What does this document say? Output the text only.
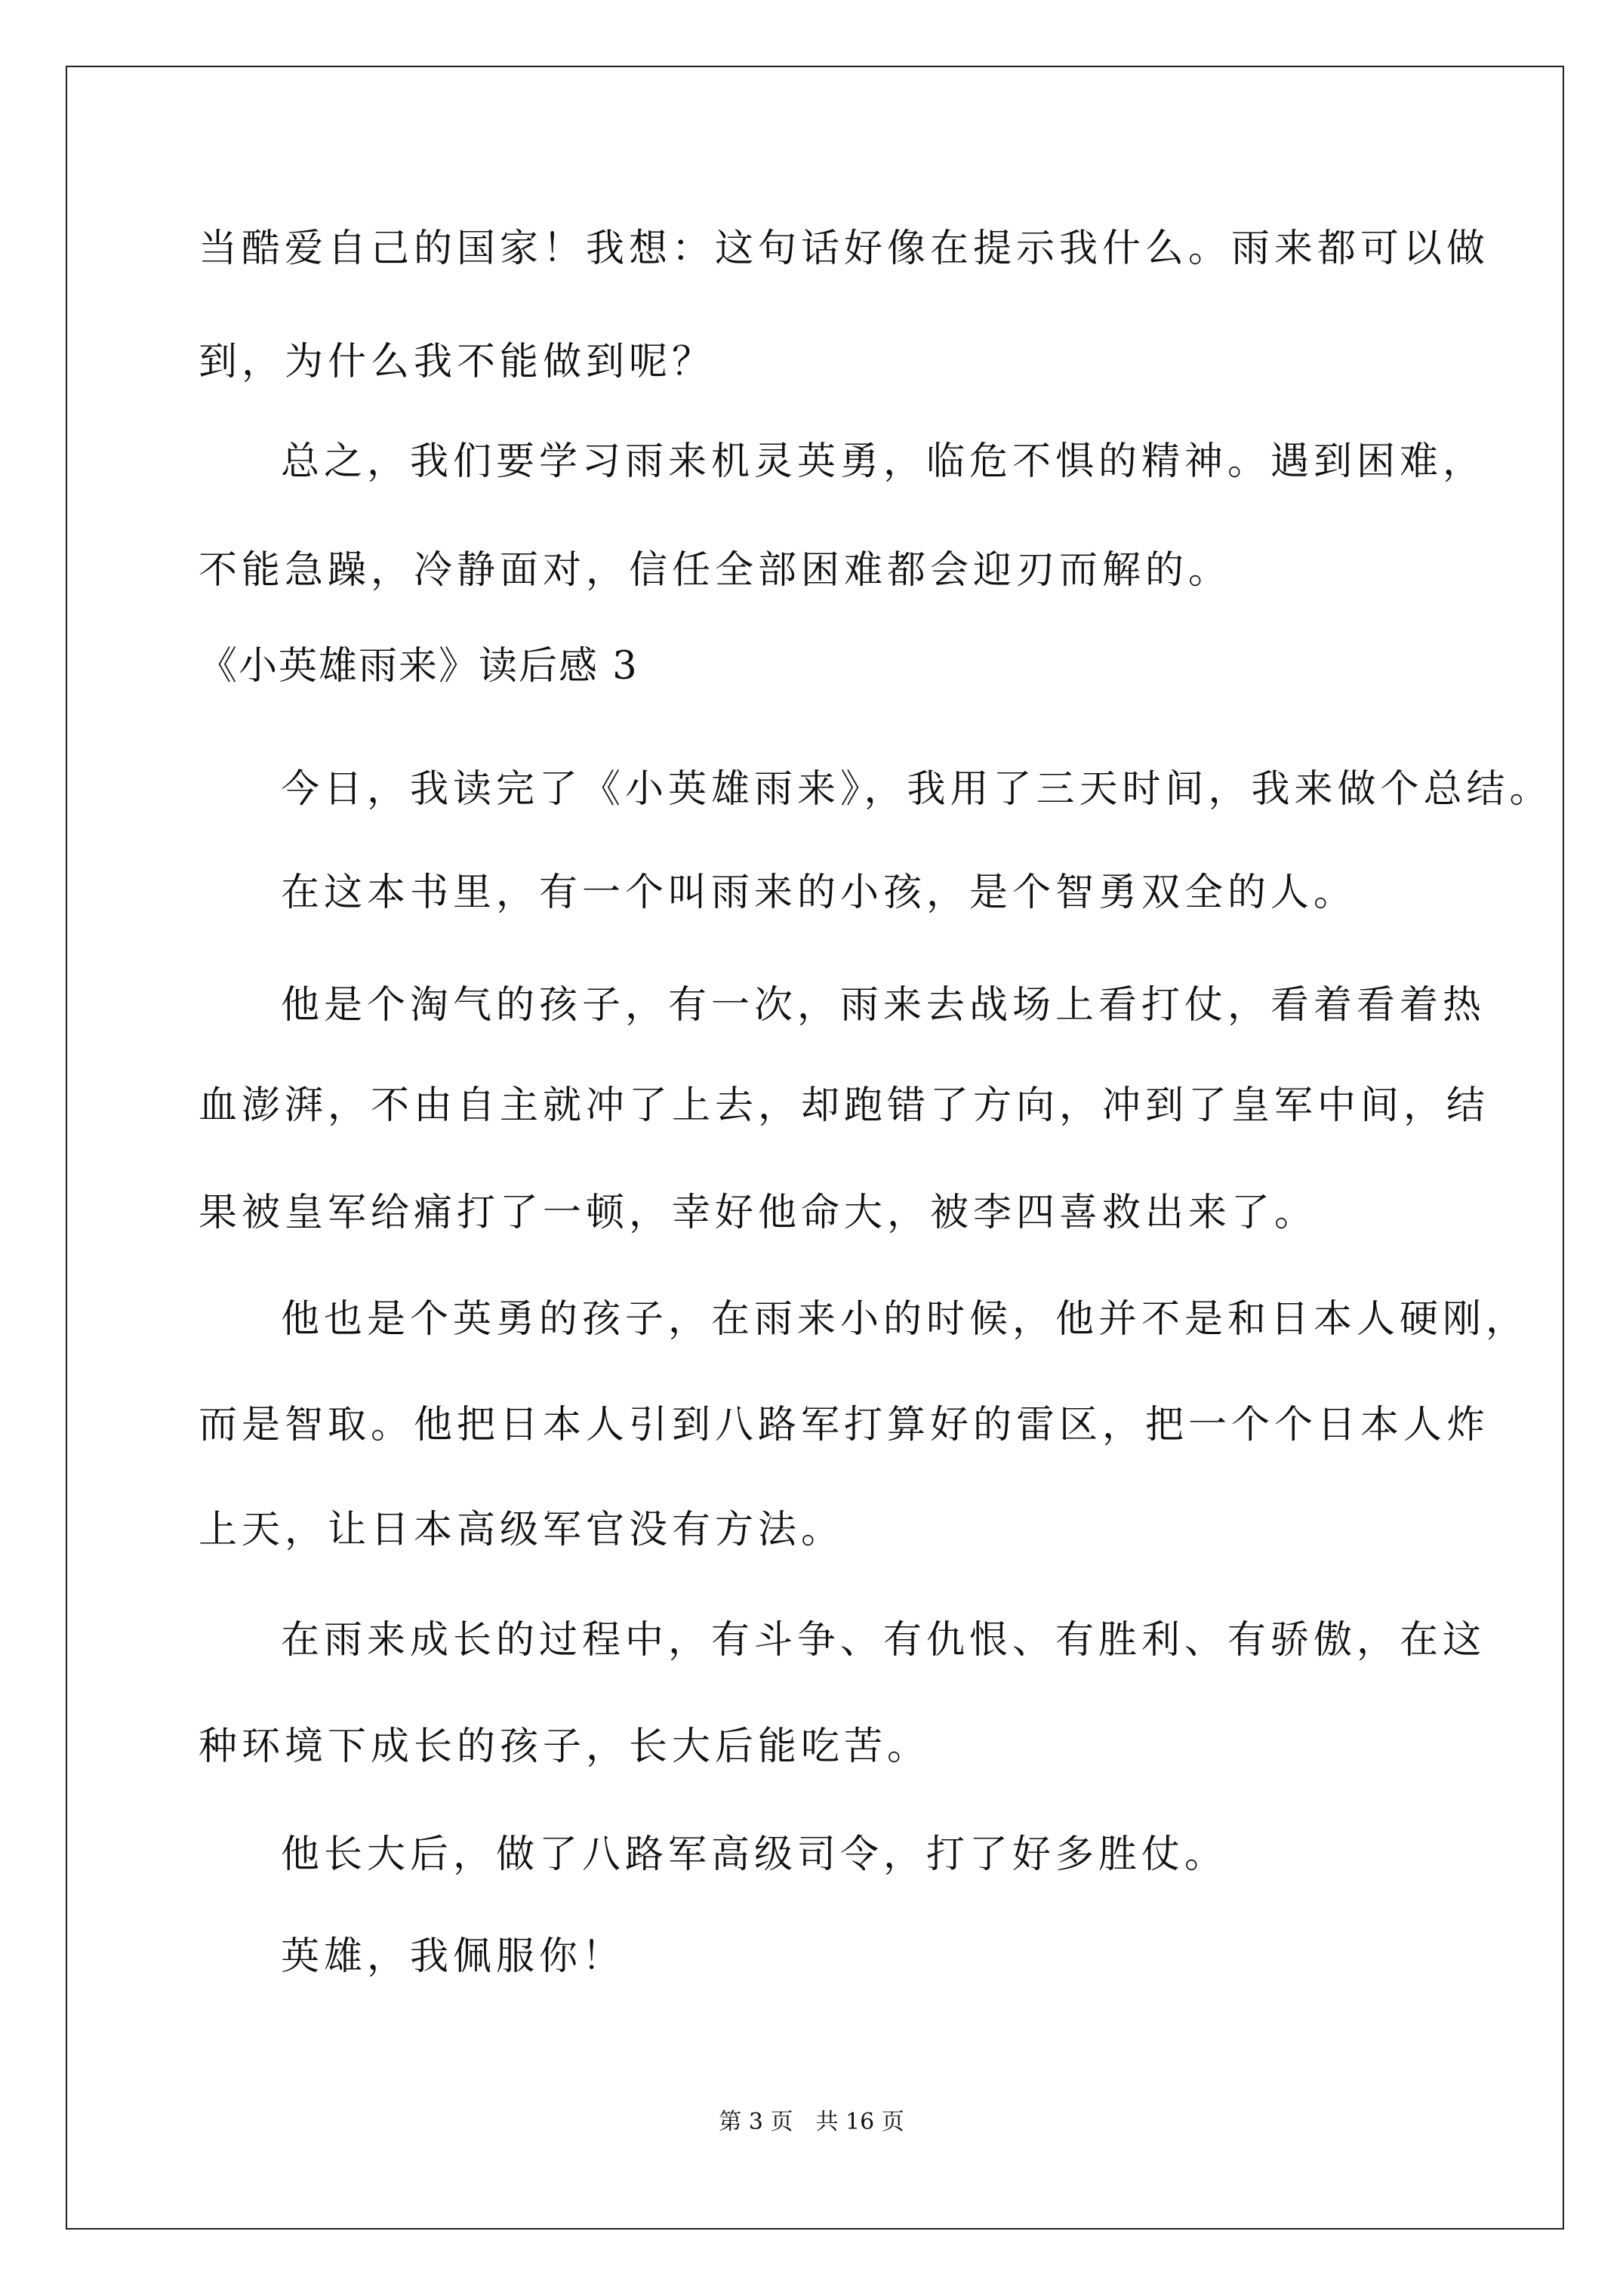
当酷爱自己的国家！我想：这句话好像在提示我什么。雨来都可以做
到，为什么我不能做到呢？
总之，我们要学习雨来机灵英勇，临危不惧的精神。遇到困难，
不能急躁，冷静面对，信任全部困难都会迎刃而解的。
《小英雄雨来》读后感 3
今日，我读完了《小英雄雨来》，我用了三天时间，我来做个总结。
在这本书里，有一个叫雨来的小孩，是个智勇双全的人。
他是个淘气的孩子，有一次，雨来去战场上看打仗，看着看着热
血澎湃，不由自主就冲了上去，却跑错了方向，冲到了皇军中间，结
果被皇军给痛打了一顿，幸好他命大，被李四喜救出来了。
他也是个英勇的孩子，在雨来小的时候，他并不是和日本人硬刚，
而是智取。他把日本人引到八路军打算好的雷区，把一个个日本人炸
上天，让日本高级军官没有方法。
在雨来成长的过程中，有斗争、有仇恨、有胜利、有骄傲，在这
种环境下成长的孩子，长大后能吃苦。
他长大后，做了八路军高级司令，打了好多胜仗。
英雄，我佩服你！
第 3 页 共 16 页
